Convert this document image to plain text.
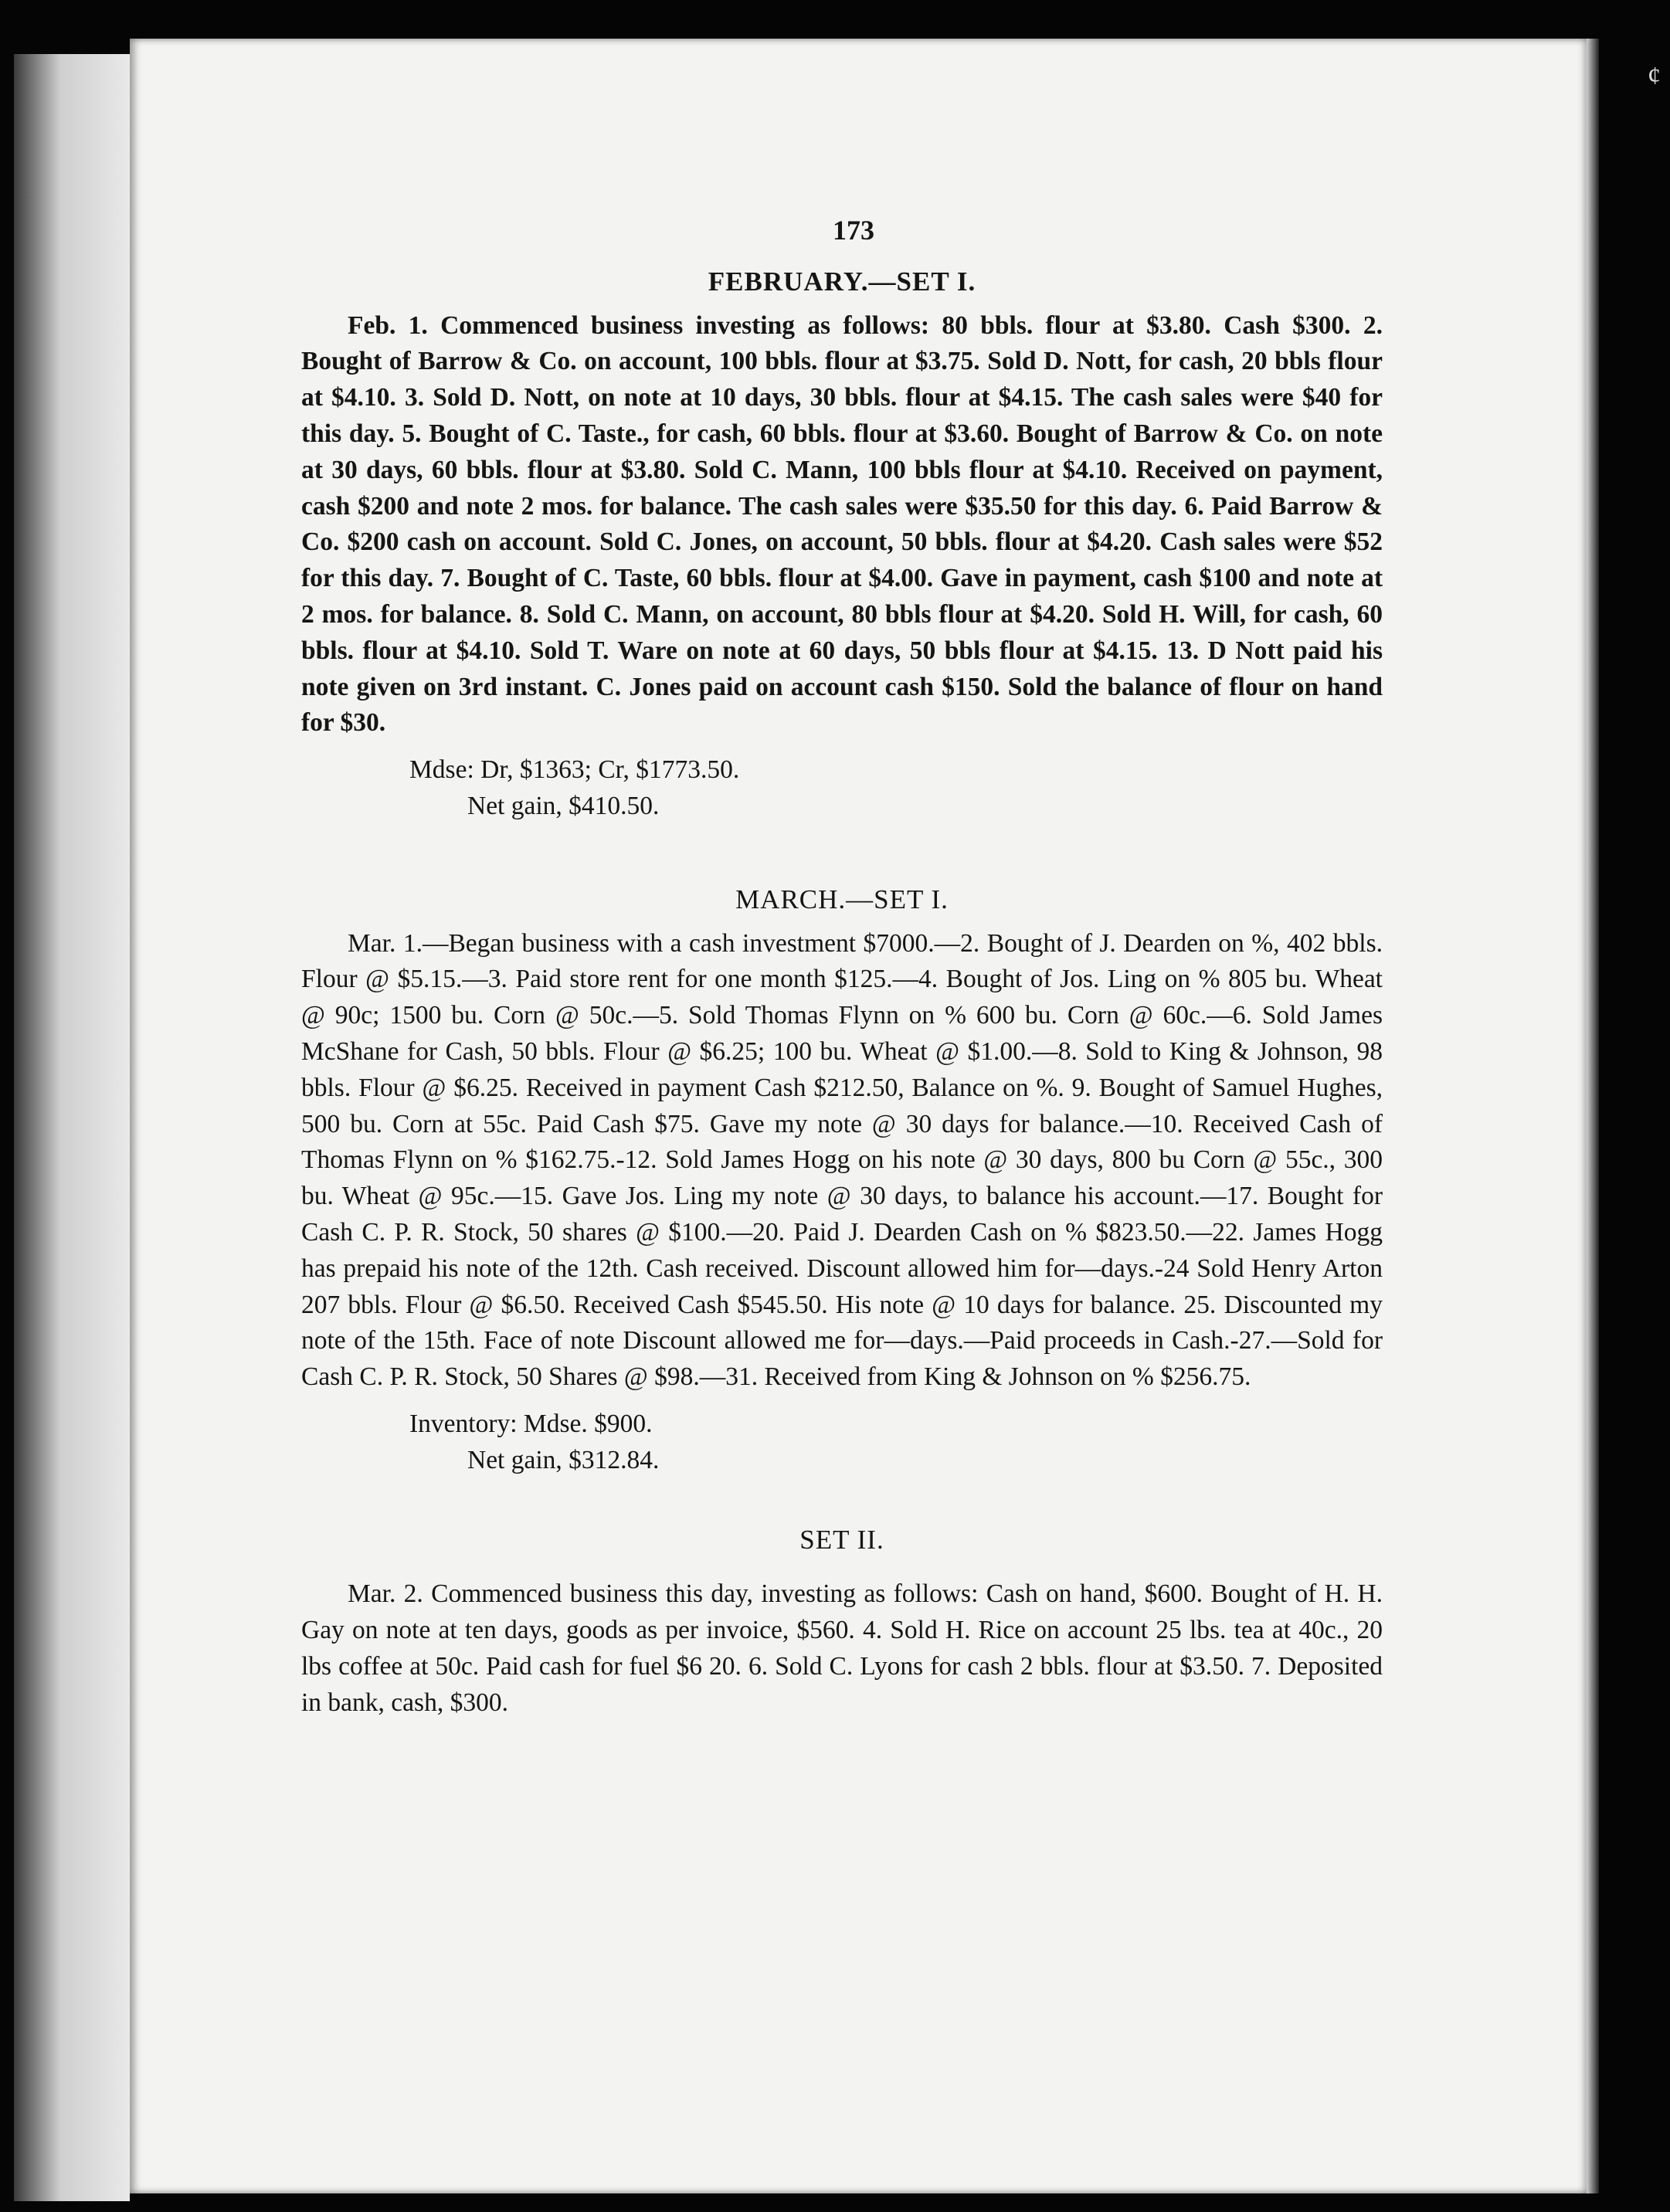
¢
173
FEBRUARY.—SET I.

Feb. 1. Commenced business investing as follows: 80 bbls. flour at $3.80. Cash $300. 2. Bought of Barrow & Co. on account, 100 bbls. flour at $3.75. Sold D. Nott, for cash, 20 bbls flour at $4.10. 3. Sold D. Nott, on note at 10 days, 30 bbls. flour at $4.15. The cash sales were $40 for this day. 5. Bought of C. Taste., for cash, 60 bbls. flour at $3.60. Bought of Barrow & Co. on note at 30 days, 60 bbls. flour at $3.80. Sold C. Mann, 100 bbls flour at $4.10. Received on payment, cash $200 and note 2 mos. for balance. The cash sales were $35.50 for this day. 6. Paid Barrow & Co. $200 cash on account. Sold C. Jones, on account, 50 bbls. flour at $4.20. Cash sales were $52 for this day. 7. Bought of C. Taste, 60 bbls. flour at $4.00. Gave in payment, cash $100 and note at 2 mos. for balance. 8. Sold C. Mann, on account, 80 bbls flour at $4.20. Sold H. Will, for cash, 60 bbls. flour at $4.10. Sold T. Ware on note at 60 days, 50 bbls flour at $4.15. 13. D Nott paid his note given on 3rd instant. C. Jones paid on account cash $150. Sold the balance of flour on hand for $30.

Mdse: Dr, $1363; Cr, $1773.50.

Net gain, $410.50.

MARCH.—SET I.

Mar. 1.—Began business with a cash investment $7000.—2. Bought of J. Dearden on %, 402 bbls. Flour @ $5.15.—3. Paid store rent for one month $125.—4. Bought of Jos. Ling on % 805 bu. Wheat @ 90c; 1500 bu. Corn @ 50c.—5. Sold Thomas Flynn on % 600 bu. Corn @ 60c.—6. Sold James McShane for Cash, 50 bbls. Flour @ $6.25; 100 bu. Wheat @ $1.00.—8. Sold to King & Johnson, 98 bbls. Flour @ $6.25. Received in payment Cash $212.50, Balance on %. 9. Bought of Samuel Hughes, 500 bu. Corn at 55c. Paid Cash $75. Gave my note @ 30 days for balance.—10. Received Cash of Thomas Flynn on % $162.75.-12. Sold James Hogg on his note @ 30 days, 800 bu Corn @ 55c., 300 bu. Wheat @ 95c.—15. Gave Jos. Ling my note @ 30 days, to balance his account.—17. Bought for Cash C. P. R. Stock, 50 shares @ $100.—20. Paid J. Dearden Cash on % $823.50.—22. James Hogg has prepaid his note of the 12th. Cash received. Discount allowed him for—days.-24 Sold Henry Arton 207 bbls. Flour @ $6.50. Received Cash $545.50. His note @ 10 days for balance. 25. Discounted my note of the 15th. Face of note Discount allowed me for—days.—Paid proceeds in Cash.-27.—Sold for Cash C. P. R. Stock, 50 Shares @ $98.—31. Received from King & Johnson on % $256.75.

Inventory: Mdse. $900.

Net gain, $312.84.

SET II.

Mar. 2. Commenced business this day, investing as follows: Cash on hand, $600. Bought of H. H. Gay on note at ten days, goods as per invoice, $560. 4. Sold H. Rice on account 25 lbs. tea at 40c., 20 lbs coffee at 50c. Paid cash for fuel $6 20. 6. Sold C. Lyons for cash 2 bbls. flour at $3.50. 7. Deposited in bank, cash, $300.
